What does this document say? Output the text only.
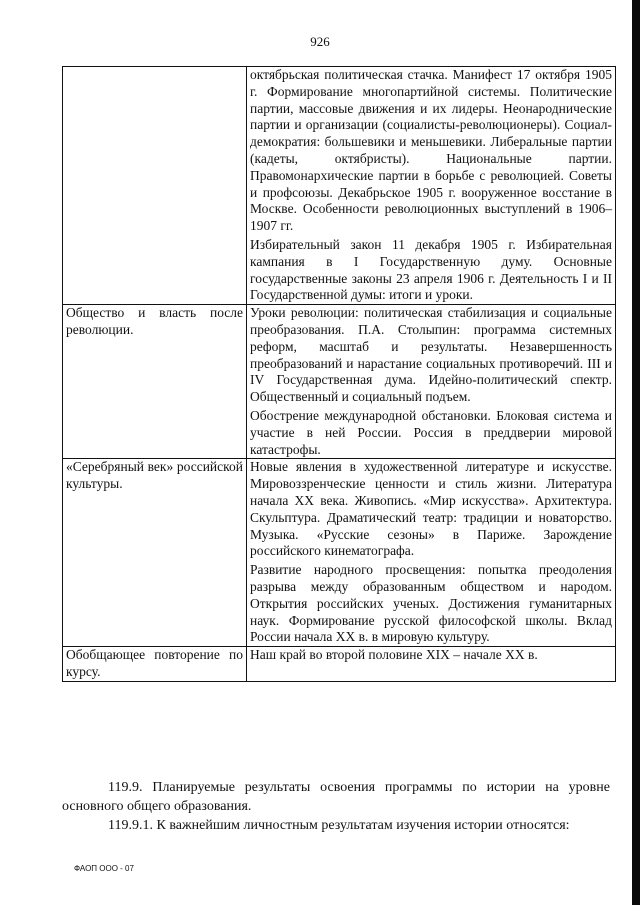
926

	октябрьская политическая стачка. Манифест 17 октября 1905 г. Формирование многопартийной системы. Политические партии, массовые движения и их лидеры. Неонароднические партии и организации (социалисты-революционеры). Социал-демократия: большевики и меньшевики. Либеральные партии (кадеты, октябристы). Национальные партии. Правомонархические партии в борьбе с революцией. Советы и профсоюзы. Декабрьское 1905 г. вооруженное восстание в Москве. Особенности революционных выступлений в 1906–1907 гг.

Избирательный закон 11 декабря 1905 г. Избирательная кампания в I Государственную думу. Основные государственные законы 23 апреля 1906 г. Деятельность I и II Государственной думы: итоги и уроки.

Общество и власть после революции.	Уроки революции: политическая стабилизация и социальные преобразования. П.А. Столыпин: программа системных реформ, масштаб и результаты. Незавершенность преобразований и нарастание социальных противоречий. III и IV Государственная дума. Идейно-политический спектр. Общественный и социальный подъем.

Обострение международной обстановки. Блоковая система и участие в ней России. Россия в преддверии мировой катастрофы.

«Серебряный век» российской культуры.	Новые явления в художественной литературе и искусстве. Мировоззренческие ценности и стиль жизни. Литература начала XX века. Живопись. «Мир искусства». Архитектура. Скульптура. Драматический театр: традиции и новаторство. Музыка. «Русские сезоны» в Париже. Зарождение российского кинематографа.

Развитие народного просвещения: попытка преодоления разрыва между образованным обществом и народом. Открытия российских ученых. Достижения гуманитарных наук. Формирование русской философской школы. Вклад России начала XX в. в мировую культуру.

Обобщающее повторение по курсу.	Наш край во второй половине XIX – начале XX в.

119.9. Планируемые результаты освоения программы по истории на уровне основного общего образования.

119.9.1. К важнейшим личностным результатам изучения истории относятся:

ФАОП ООО - 07
